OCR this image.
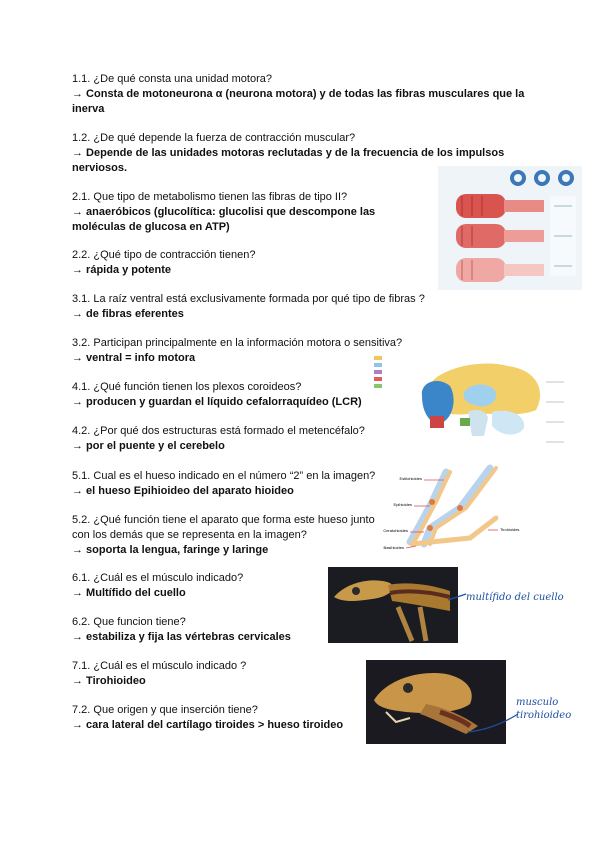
1.1. ¿De qué consta una unidad motora?

→ Consta de motoneurona α (neurona motora) y de todas las fibras musculares que la inerva

1.2. ¿De qué depende la fuerza de contracción muscular?

→ Depende de las unidades motoras reclutadas y de la frecuencia de los impulsos nerviosos.

2.1. Que tipo de metabolismo tienen las fibras de tipo II?

→ anaeróbicos (glucolítica: glucolisi que descompone las moléculas de glucosa en ATP)

2.2. ¿Qué tipo de contracción tienen?

→ rápida y potente

3.1. La raíz ventral está exclusivamente formada por qué tipo de fibras ?

→ de fibras eferentes

3.2. Participan principalmente en la información motora o sensitiva?

→ ventral = info motora

4.1. ¿Qué función tienen los plexos coroideos?

→ producen y guardan el líquido cefalorraquídeo (LCR)

4.2. ¿Por qué dos estructuras está formado el metencéfalo?

→ por el puente y el cerebelo

5.1. Cual es el hueso indicado en el número “2” en la imagen?

→ el hueso Epihioideo del aparato hioideo

5.2. ¿Qué función tiene el aparato que forma este hueso junto con los demás que se representa en la imagen?

→ soporta la lengua, faringe y laringe

6.1. ¿Cuál es el músculo indicado?

→ Multífido del cuello

6.2. Que funcion tiene?

→ estabiliza y fija las vértebras cervicales

7.1. ¿Cuál es el músculo indicado ?

→ Tirohioideo

7.2. Que origen y que inserción tiene?

→ cara lateral del cartílago tiroides > hueso tiroideo

Estilohioides
Epihioides
Ceratohioides
Basihioides
Tirohioides
multífido del cuello
musculo
tirohioideo
